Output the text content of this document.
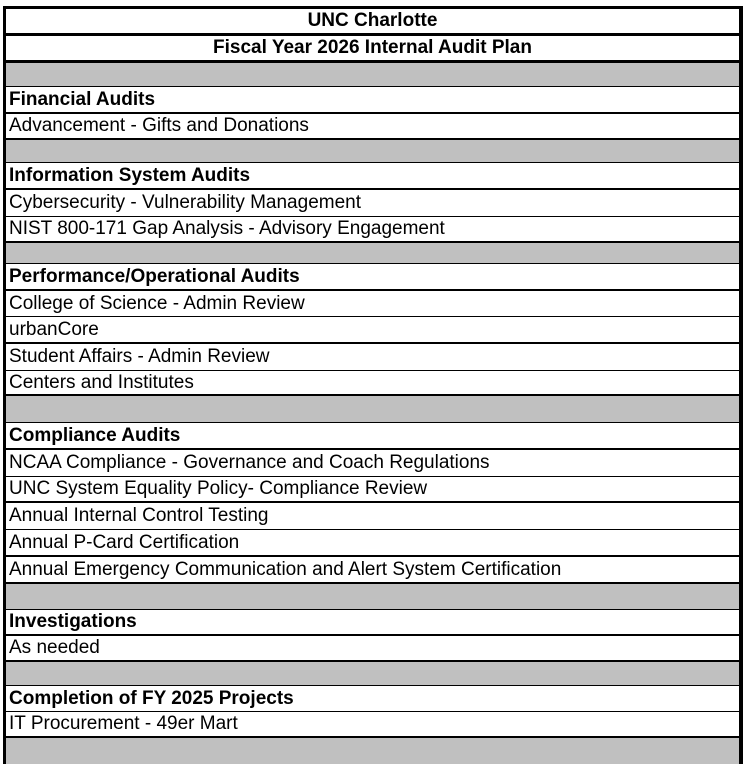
UNC Charlotte
Fiscal Year 2026 Internal Audit Plan
Financial Audits
Advancement - Gifts and Donations
Information System Audits
Cybersecurity - Vulnerability Management
NIST 800-171 Gap Analysis - Advisory Engagement
Performance/Operational Audits
College of Science - Admin Review
urbanCore
Student Affairs - Admin Review
Centers and Institutes
Compliance Audits
NCAA Compliance - Governance and Coach Regulations
UNC System Equality Policy- Compliance Review
Annual Internal Control Testing
Annual P-Card Certification
Annual Emergency Communication and Alert System Certification
Investigations
As needed
Completion of FY 2025 Projects
IT Procurement - 49er Mart
